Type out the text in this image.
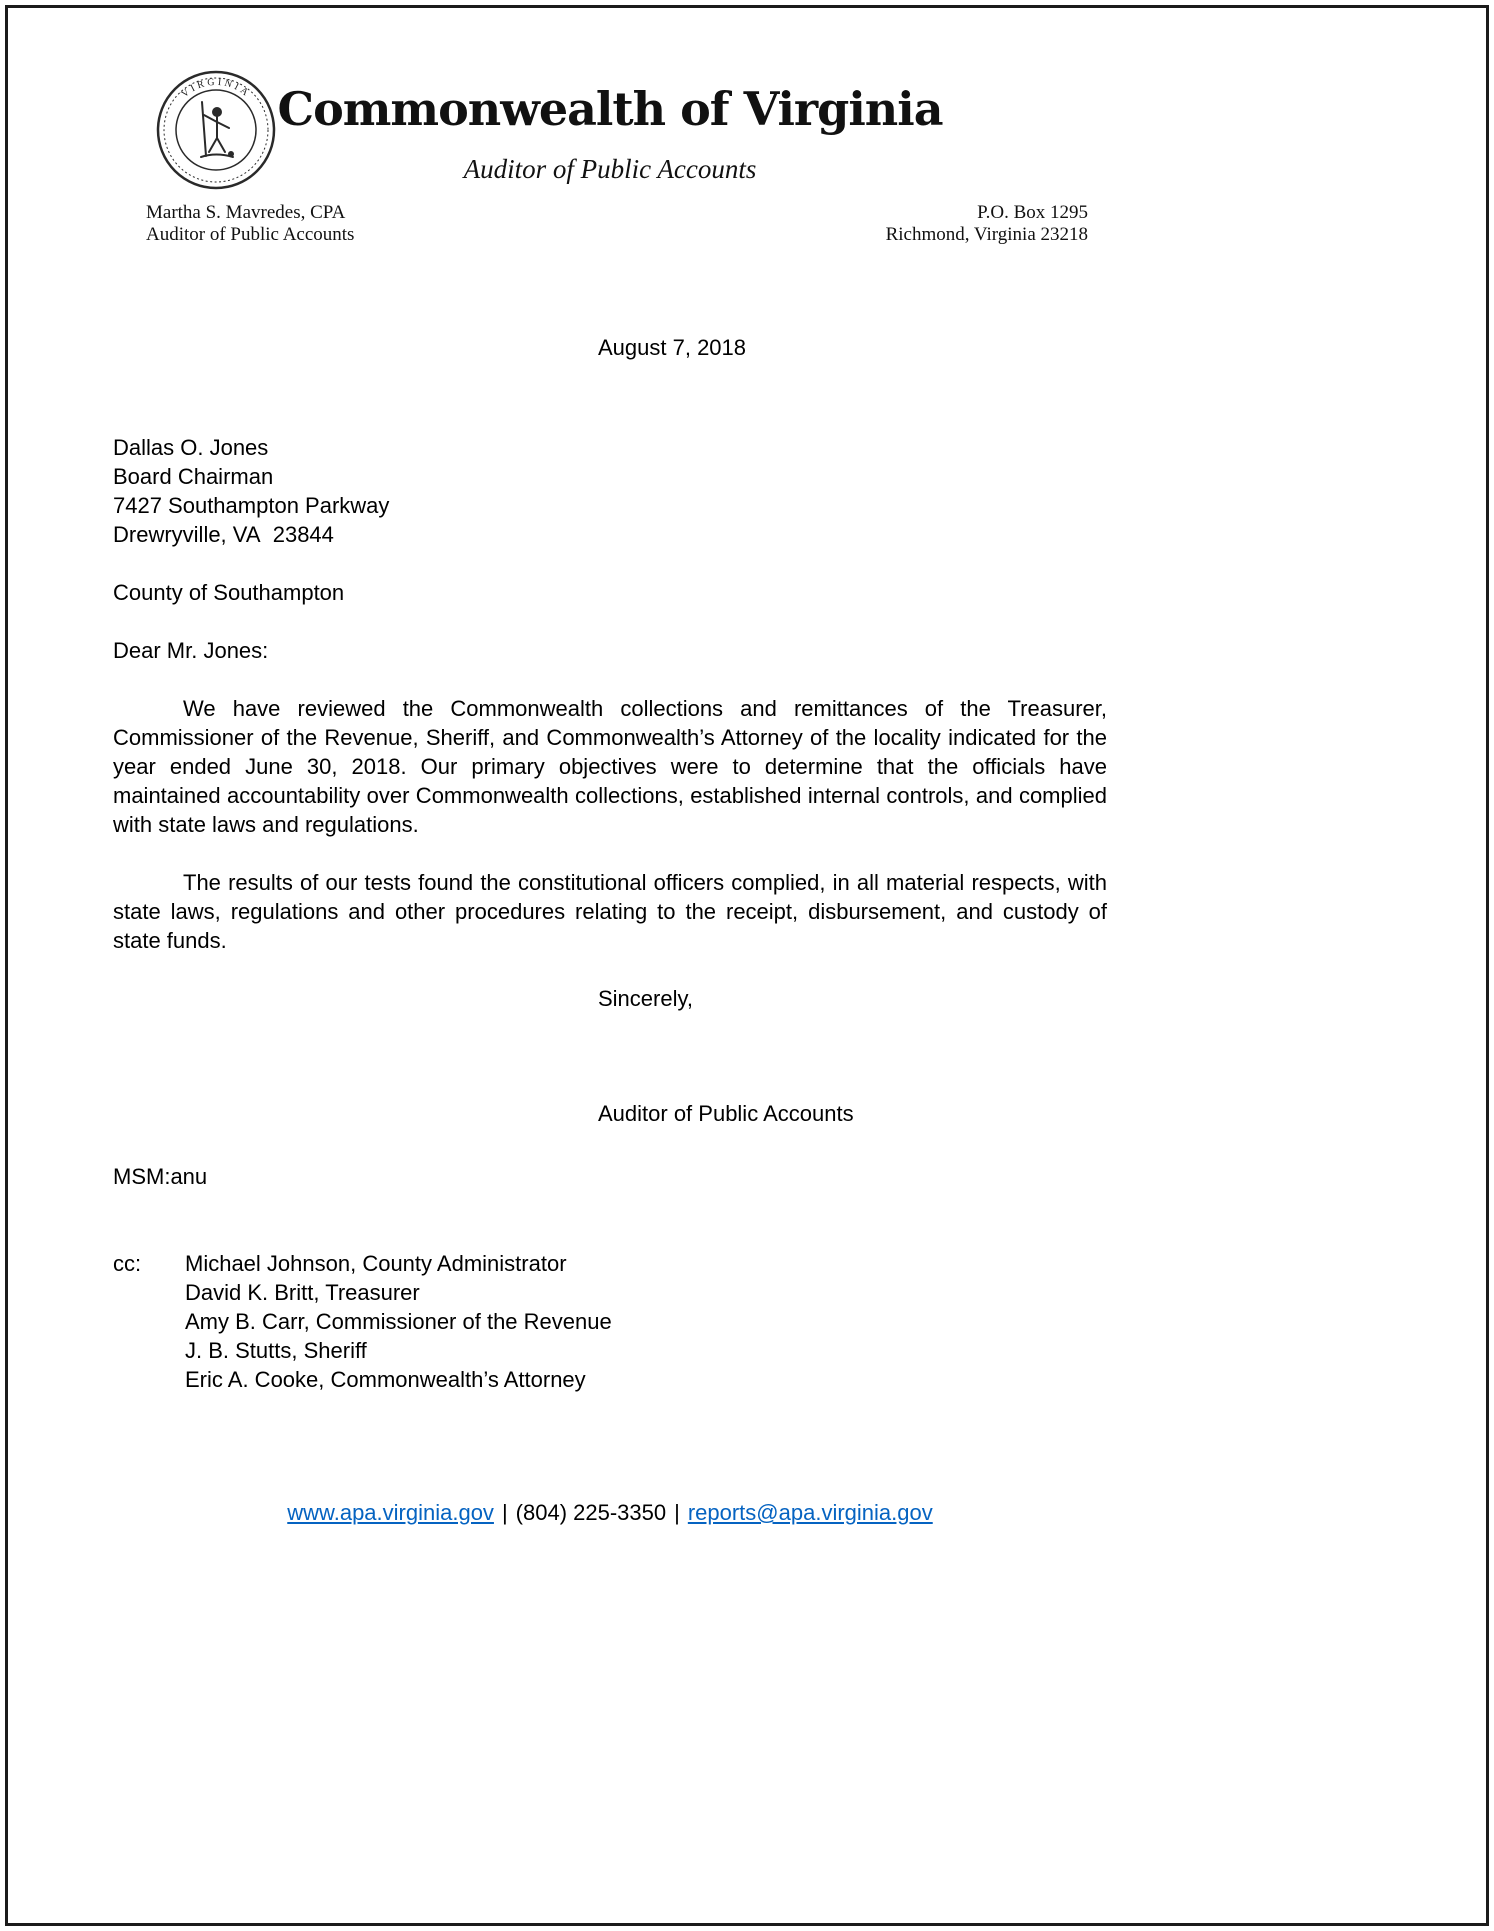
VIRGINIA Commonwealth of Virginia
Auditor of Public Accounts
Martha S. Mavredes, CPA
Auditor of Public Accounts
P.O. Box 1295
Richmond, Virginia 23218
August 7, 2018
Dallas O. Jones
Board Chairman
7427 Southampton Parkway
Drewryville, VA  23844
County of Southampton
Dear Mr. Jones:

We have reviewed the Commonwealth collections and remittances of the Treasurer, Commissioner of the Revenue, Sheriff, and Commonwealth’s Attorney of the locality indicated for the year ended June 30, 2018. Our primary objectives were to determine that the officials have maintained accountability over Commonwealth collections, established internal controls, and complied with state laws and regulations.

The results of our tests found the constitutional officers complied, in all material respects, with state laws, regulations and other procedures relating to the receipt, disbursement, and custody of state funds.

Sincerely,
Auditor of Public Accounts
MSM:anu
cc:	Michael Johnson, County Administrator
David K. Britt, Treasurer
Amy B. Carr, Commissioner of the Revenue
J. B. Stutts, Sheriff
Eric A. Cooke, Commonwealth’s Attorney
www.apa.virginia.gov | (804) 225-3350 | reports@apa.virginia.gov
